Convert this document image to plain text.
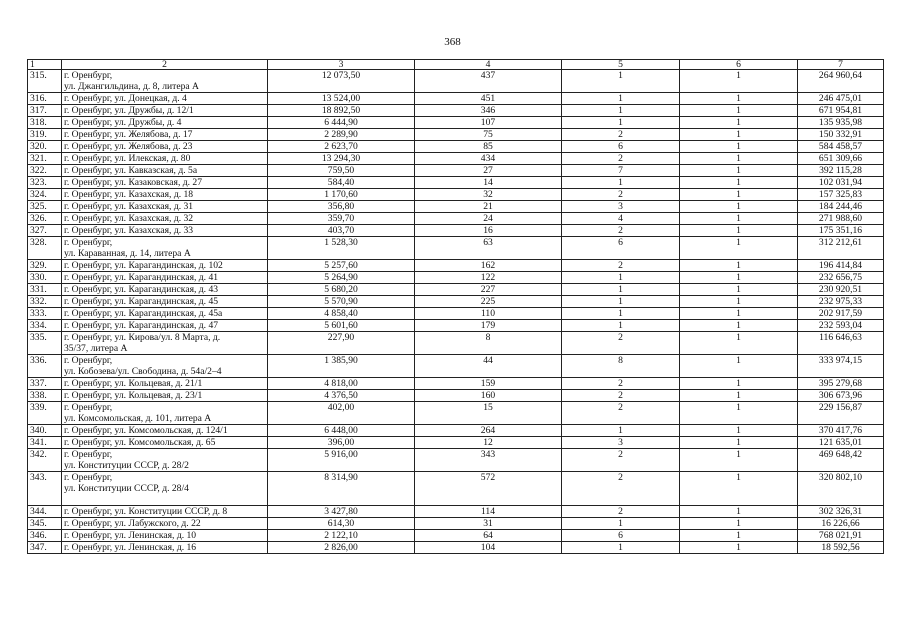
368
1	2	3	4	5	6	7
315.	г. Оренбург,
ул. Джангильдина, д. 8, литера А	12 073,50	437	1	1	264 960,64
316.	г. Оренбург, ул. Донецкая, д. 4	13 524,00	451	1	1	246 475,01
317.	г. Оренбург, ул. Дружбы, д. 12/1	18 892,50	346	1	1	671 954,81
318.	г. Оренбург, ул. Дружбы, д. 4	6 444,90	107	1	1	135 935,98
319.	г. Оренбург, ул. Желябова, д. 17	2 289,90	75	2	1	150 332,91
320.	г. Оренбург, ул. Желябова, д. 23	2 623,70	85	6	1	584 458,57
321.	г. Оренбург, ул. Илекская, д. 80	13 294,30	434	2	1	651 309,66
322.	г. Оренбург, ул. Кавказская, д. 5а	759,50	27	7	1	392 115,28
323.	г. Оренбург, ул. Казаковская, д. 27	584,40	14	1	1	102 031,94
324.	г. Оренбург, ул. Казахская, д. 18	1 170,60	32	2	1	157 325,83
325.	г. Оренбург, ул. Казахская, д. 31	356,80	21	3	1	184 244,46
326.	г. Оренбург, ул. Казахская, д. 32	359,70	24	4	1	271 988,60
327.	г. Оренбург, ул. Казахская, д. 33	403,70	16	2	1	175 351,16
328.	г. Оренбург,
ул. Караванная, д. 14, литера А	1 528,30	63	6	1	312 212,61
329.	г. Оренбург, ул. Карагандинская, д. 102	5 257,60	162	2	1	196 414,84
330.	г. Оренбург, ул. Карагандинская, д. 41	5 264,90	122	1	1	232 656,75
331.	г. Оренбург, ул. Карагандинская, д. 43	5 680,20	227	1	1	230 920,51
332.	г. Оренбург, ул. Карагандинская, д. 45	5 570,90	225	1	1	232 975,33
333.	г. Оренбург, ул. Карагандинская, д. 45а	4 858,40	110	1	1	202 917,59
334.	г. Оренбург, ул. Карагандинская, д. 47	5 601,60	179	1	1	232 593,04
335.	г. Оренбург, ул. Кирова/ул. 8 Марта, д.
35/37, литера А	227,90	8	2	1	116 646,63
336.	г. Оренбург,
ул. Кобозева/ул. Свободина, д. 54а/2–4	1 385,90	44	8	1	333 974,15
337.	г. Оренбург, ул. Кольцевая, д. 21/1	4 818,00	159	2	1	395 279,68
338.	г. Оренбург, ул. Кольцевая, д. 23/1	4 376,50	160	2	1	306 673,96
339.	г. Оренбург,
ул. Комсомольская, д. 101, литера А	402,00	15	2	1	229 156,87
340.	г. Оренбург, ул. Комсомольская, д. 124/1	6 448,00	264	1	1	370 417,76
341.	г. Оренбург, ул. Комсомольская, д. 65	396,00	12	3	1	121 635,01
342.	г. Оренбург,
ул. Конституции СССР, д. 28/2	5 916,00	343	2	1	469 648,42
343.	г. Оренбург,
ул. Конституции СССР, д. 28/4	8 314,90	572	2	1	320 802,10
344.	г. Оренбург, ул. Конституции СССР, д. 8	3 427,80	114	2	1	302 326,31
345.	г. Оренбург, ул. Лабужского, д. 22	614,30	31	1	1	16 226,66
346.	г. Оренбург, ул. Ленинская, д. 10	2 122,10	64	6	1	768 021,91
347.	г. Оренбург, ул. Ленинская, д. 16	2 826,00	104	1	1	18 592,56
